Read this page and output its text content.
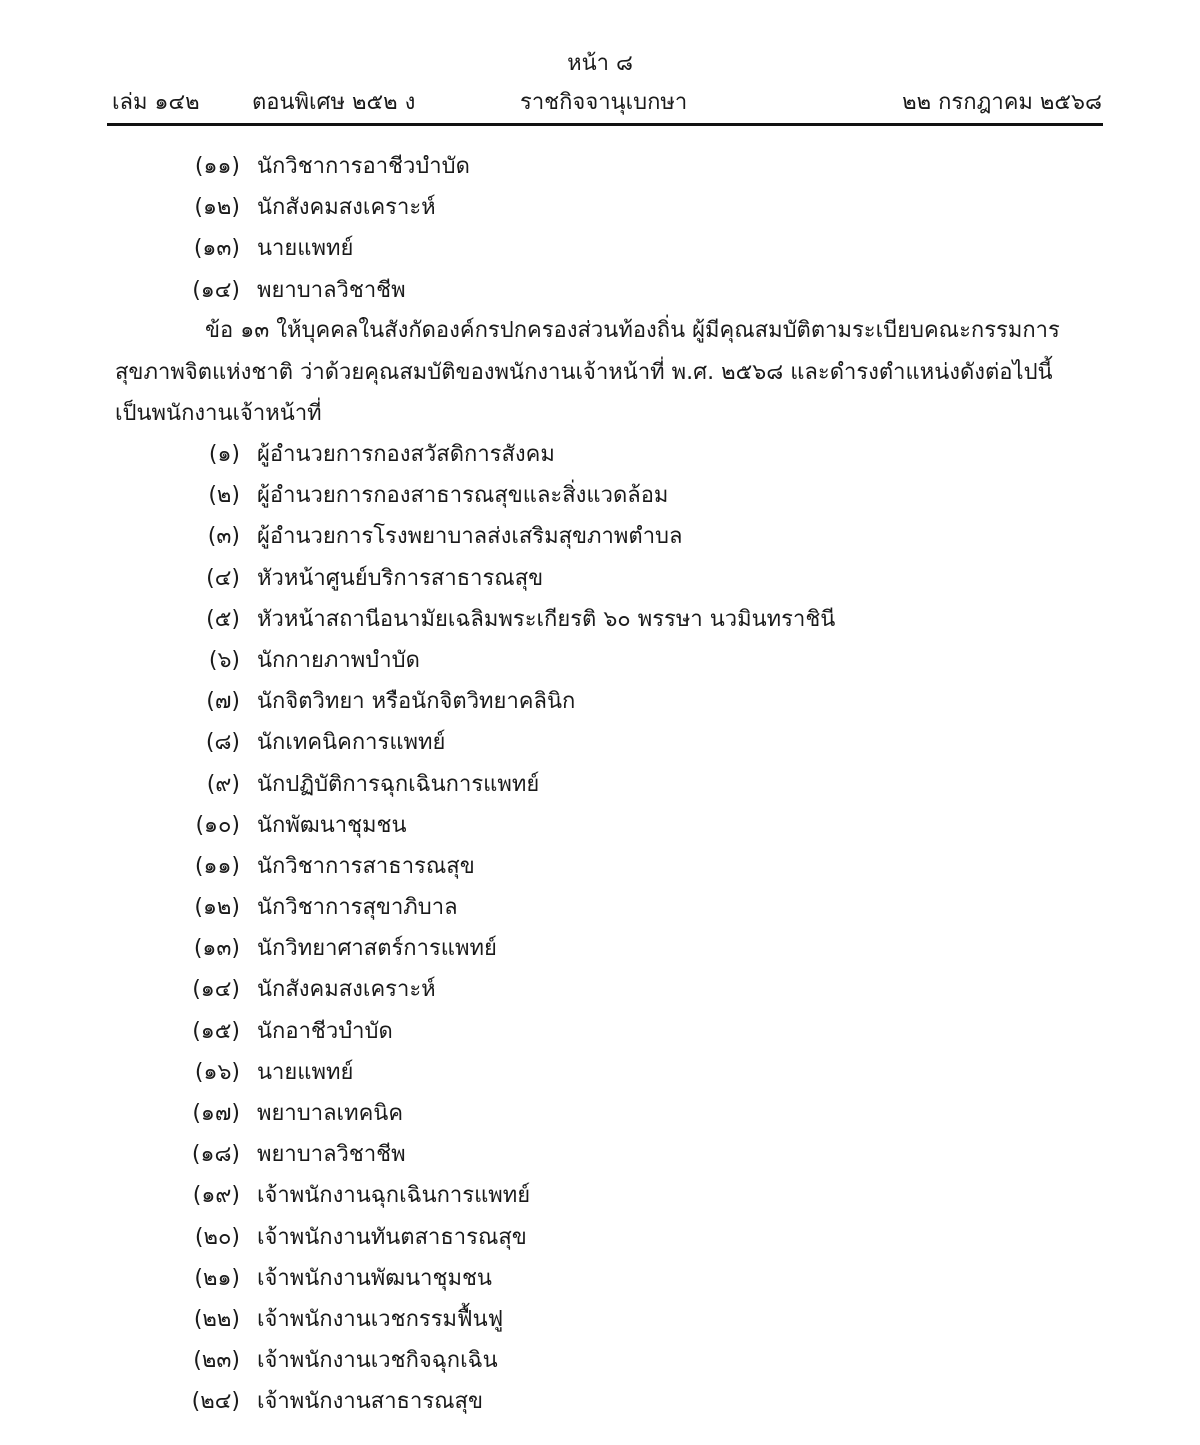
หน้า ๘
เล่ม ๑๔๒ ตอนพิเศษ ๒๕๒ ง	ราชกิจจานุเบกษา	๒๒ กรกฎาคม ๒๕๖๘
(๑๑) นักวิชาการอาชีวบำบัด
(๑๒) นักสังคมสงเคราะห์
(๑๓) นายแพทย์
(๑๔) พยาบาลวิชาชีพ

ข้อ ๑๓ ให้บุคคลในสังกัดองค์กรปกครองส่วนท้องถิ่น ผู้มีคุณสมบัติตามระเบียบคณะกรรมการ

สุขภาพจิตแห่งชาติ ว่าด้วยคุณสมบัติของพนักงานเจ้าหน้าที่ พ.ศ. ๒๕๖๘ และดำรงตำแหน่งดังต่อไปนี้

เป็นพนักงานเจ้าหน้าที่

(๑) ผู้อำนวยการกองสวัสดิการสังคม
(๒) ผู้อำนวยการกองสาธารณสุขและสิ่งแวดล้อม
(๓) ผู้อำนวยการโรงพยาบาลส่งเสริมสุขภาพตำบล
(๔) หัวหน้าศูนย์บริการสาธารณสุข
(๕) หัวหน้าสถานีอนามัยเฉลิมพระเกียรติ ๖๐ พรรษา นวมินทราชินี
(๖) นักกายภาพบำบัด
(๗) นักจิตวิทยา หรือนักจิตวิทยาคลินิก
(๘) นักเทคนิคการแพทย์
(๙) นักปฏิบัติการฉุกเฉินการแพทย์
(๑๐) นักพัฒนาชุมชน
(๑๑) นักวิชาการสาธารณสุข
(๑๒) นักวิชาการสุขาภิบาล
(๑๓) นักวิทยาศาสตร์การแพทย์
(๑๔) นักสังคมสงเคราะห์
(๑๕) นักอาชีวบำบัด
(๑๖) นายแพทย์
(๑๗) พยาบาลเทคนิค
(๑๘) พยาบาลวิชาชีพ
(๑๙) เจ้าพนักงานฉุกเฉินการแพทย์
(๒๐) เจ้าพนักงานทันตสาธารณสุข
(๒๑) เจ้าพนักงานพัฒนาชุมชน
(๒๒) เจ้าพนักงานเวชกรรมฟื้นฟู
(๒๓) เจ้าพนักงานเวชกิจฉุกเฉิน
(๒๔) เจ้าพนักงานสาธารณสุข
